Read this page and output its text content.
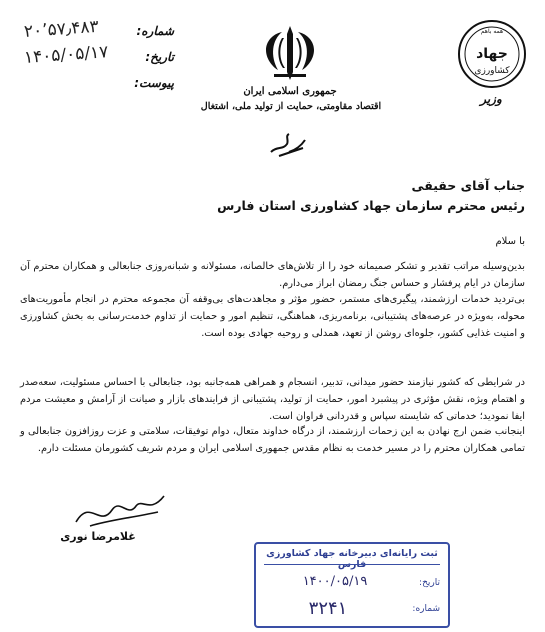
۲۰٬۵۷٫۴۸۳	شماره:
۱۴۰۵/۰۵/۱۷	تاریخ:
پیوست:
جمهوری اسلامی ایران
اقتصاد مقاومتی، حمایت از تولید ملی، اشتغال
همه باهم
جهاد
کشاورزی
وزیر
جناب آقای حقیقی
رئیس محترم سازمان جهاد کشاورزی استان فارس
با سلام
بدین‌وسیله مراتب تقدیر و تشکر صمیمانه خود را از تلاش‌های خالصانه، مسئولانه و شبانه‌روزی جنابعالی و همکاران محترم آن سازمان در ایام پرفشار و حساس جنگ رمضان ابراز می‌دارم.
بی‌تردید خدمات ارزشمند، پیگیری‌های مستمر، حضور مؤثر و مجاهدت‌های بی‌وقفه آن مجموعه محترم در انجام مأموریت‌های محوله، به‌ویژه در عرصه‌های پشتیبانی، برنامه‌ریزی، هماهنگی، تنظیم امور و حمایت از تداوم خدمت‌رسانی به بخش کشاورزی و امنیت غذایی کشور، جلوه‌ای روشن از تعهد، همدلی و روحیه جهادی بوده است.
در شرایطی که کشور نیازمند حضور میدانی، تدبیر، انسجام و همراهی همه‌جانبه بود، جنابعالی با احساس مسئولیت، سعه‌صدر و اهتمام ویژه، نقش مؤثری در پیشبرد امور، حمایت از تولید، پشتیبانی از فرایندهای بازار و صیانت از آرامش و معیشت مردم ایفا نمودید؛ خدماتی که شایسته سپاس و قدردانی فراوان است.
اینجانب ضمن ارج نهادن به این زحمات ارزشمند، از درگاه خداوند متعال، دوام توفیقات، سلامتی و عزت روزافزون جنابعالی و تمامی همکاران محترم را در مسیر خدمت به نظام مقدس جمهوری اسلامی ایران و مردم شریف کشورمان مسئلت دارم.
غلامرضا نوری
ثبت رایانه‌ای دبیرخانه جهاد کشاورزی فارس
تاریخ:
۱۴۰۰/۰۵/۱۹
شماره:
۳۲۴۱
